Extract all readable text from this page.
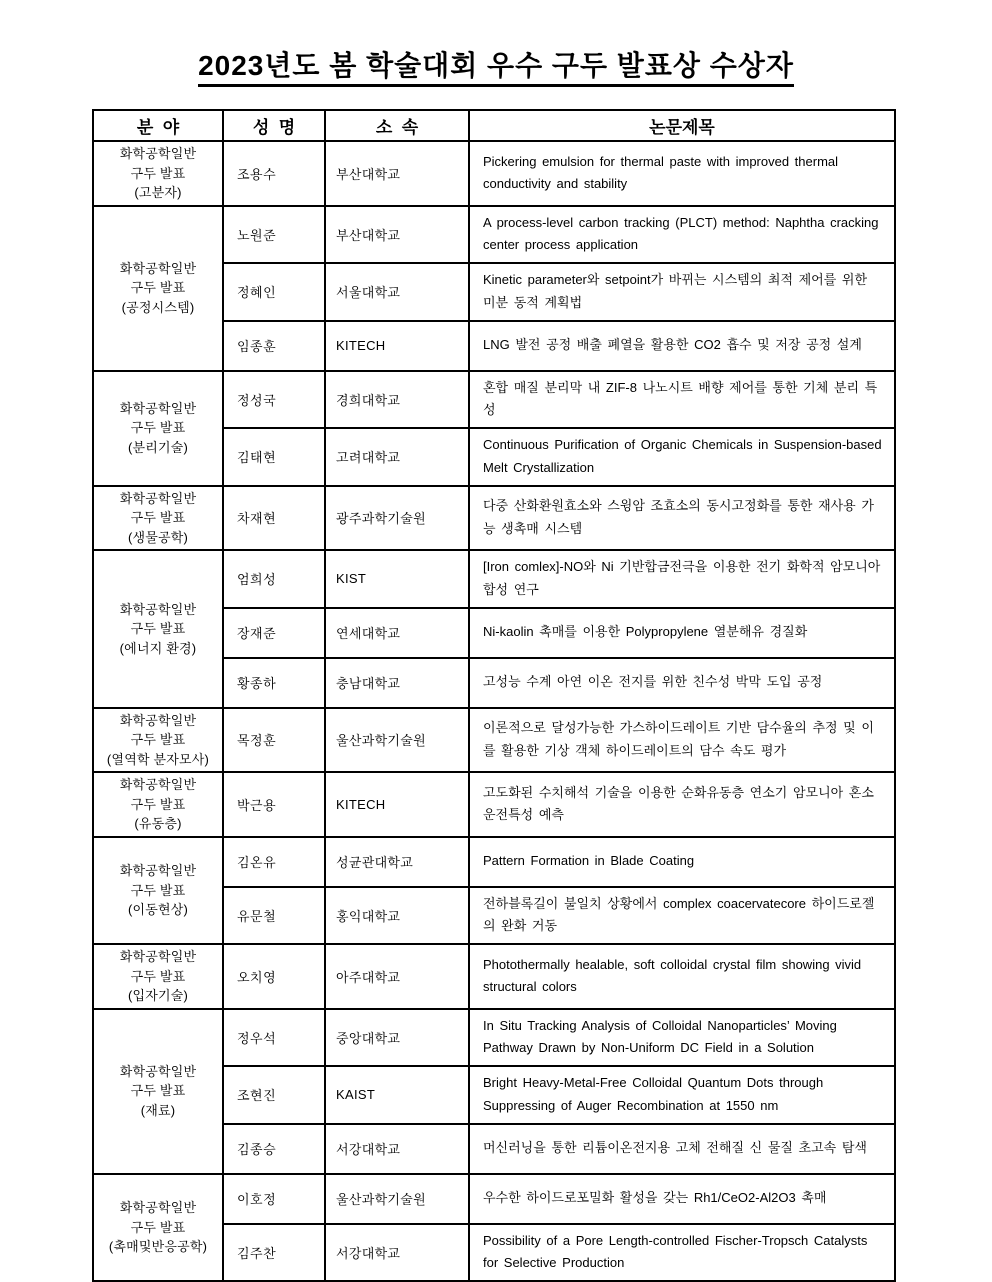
2023년도 봄 학술대회 우수 구두 발표상 수상자
분  야	성  명	소  속	논문제목

화학공학일반
구두 발표
(고분자)	조용수	부산대학교	Pickering emulsion for thermal paste with improved thermal conductivity and stability

화학공학일반
구두 발표
(공정시스템)	노원준	부산대학교	A process-level carbon tracking (PLCT) method: Naphtha cracking center process application
	정혜인	서울대학교	Kinetic parameter와 setpoint가 바뀌는 시스템의 최적 제어를 위한 미분 동적 계획법
	임종훈	KITECH	LNG 발전 공정 배출 폐열을 활용한 CO2 흡수 및 저장 공정 설계

화학공학일반
구두 발표
(분리기술)	정성국	경희대학교	혼합 매질 분리막 내 ZIF-8 나노시트 배향 제어를 통한 기체 분리 특성
	김태현	고려대학교	Continuous Purification of Organic Chemicals in Suspension-based Melt Crystallization

화학공학일반
구두 발표
(생물공학)	차재현	광주과학기술원	다중 산화환원효소와 스윙암 조효소의 동시고정화를 통한 재사용 가능 생촉매 시스템

화학공학일반
구두 발표
(에너지 환경)	엄희성	KIST	[Iron comlex]-NO와 Ni 기반합금전극을 이용한 전기 화학적 암모니아 합성 연구
	장재준	연세대학교	Ni-kaolin 촉매를 이용한 Polypropylene 열분해유 경질화
	황종하	충남대학교	고성능 수계 아연 이온 전지를 위한 친수성 박막 도입 공정

화학공학일반
구두 발표
(열역학 분자모사)	목정훈	울산과학기술원	이론적으로 달성가능한 가스하이드레이트 기반 담수율의 추정 및 이를 활용한 기상 객체 하이드레이트의 담수 속도 평가

화학공학일반
구두 발표
(유동층)	박근용	KITECH	고도화된 수치해석 기술을 이용한 순화유동층 연소기 암모니아 혼소 운전특성 예측

화학공학일반
구두 발표
(이동현상)	김온유	성균관대학교	Pattern Formation in Blade Coating
	유문철	홍익대학교	전하블록길이 불일치 상황에서 complex coacervatecore 하이드로젤의 완화 거동

화학공학일반
구두 발표
(입자기술)	오치영	아주대학교	Photothermally healable, soft colloidal crystal film showing vivid structural colors

화학공학일반
구두 발표
(재료)	정우석	중앙대학교	In Situ Tracking Analysis of Colloidal Nanoparticles’ Moving Pathway Drawn by Non-Uniform DC Field in a Solution
	조현진	KAIST	Bright Heavy-Metal-Free Colloidal Quantum Dots through Suppressing of Auger Recombination at 1550 nm
	김종승	서강대학교	머신러닝을 통한 리튬이온전지용 고체 전해질 신 물질 초고속 탐색

화학공학일반
구두 발표
(촉매및반응공학)	이호정	울산과학기술원	우수한 하이드로포밀화 활성을 갖는 Rh1/CeO2-Al2O3 촉매
	김주찬	서강대학교	Possibility of a Pore Length-controlled Fischer-Tropsch Catalysts for Selective Production
